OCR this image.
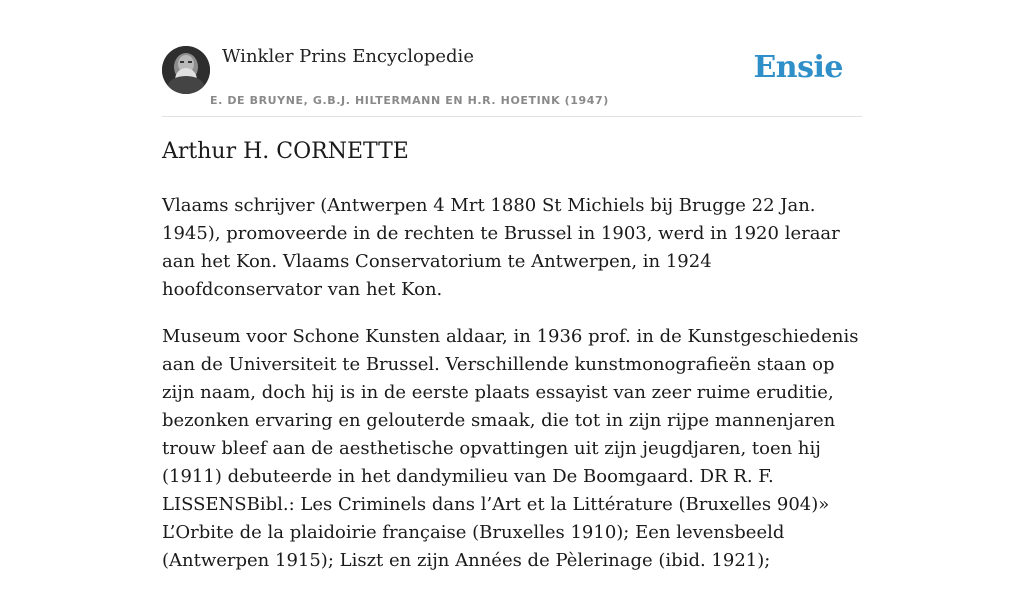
Winkler Prins Encyclopedie
E. DE BRUYNE, G.B.J. HILTERMANN EN H.R. HOETINK (1947)
Ensie
Arthur H. CORNETTE

Vlaams schrijver (Antwerpen 4 Mrt 1880 St Michiels bij Brugge 22 Jan. 1945), promoveerde in de rechten te Brussel in 1903, werd in 1920 leraar aan het Kon. Vlaams Conservatorium te Antwerpen, in 1924 hoofdconservator van het Kon.

Museum voor Schone Kunsten aldaar, in 1936 prof. in de Kunstgeschiedenis aan de Universiteit te Brussel. Verschillende kunstmonografieën staan op zijn naam, doch hij is in de eerste plaats essayist van zeer ruime eruditie, bezonken ervaring en gelouterde smaak, die tot in zijn rijpe mannenjaren trouw bleef aan de aesthetische opvattingen uit zijn jeugdjaren, toen hij (1911) debuteerde in het dandymilieu van De Boomgaard. DR R. F. LISSENSBibl.: Les Criminels dans l’Art et la Littérature (Bruxelles 904)» L’Orbite de la plaidoirie française (Bruxelles 1910); Een levensbeeld (Antwerpen 1915); Liszt en zijn Années de Pèlerinage (ibid. 1921);
